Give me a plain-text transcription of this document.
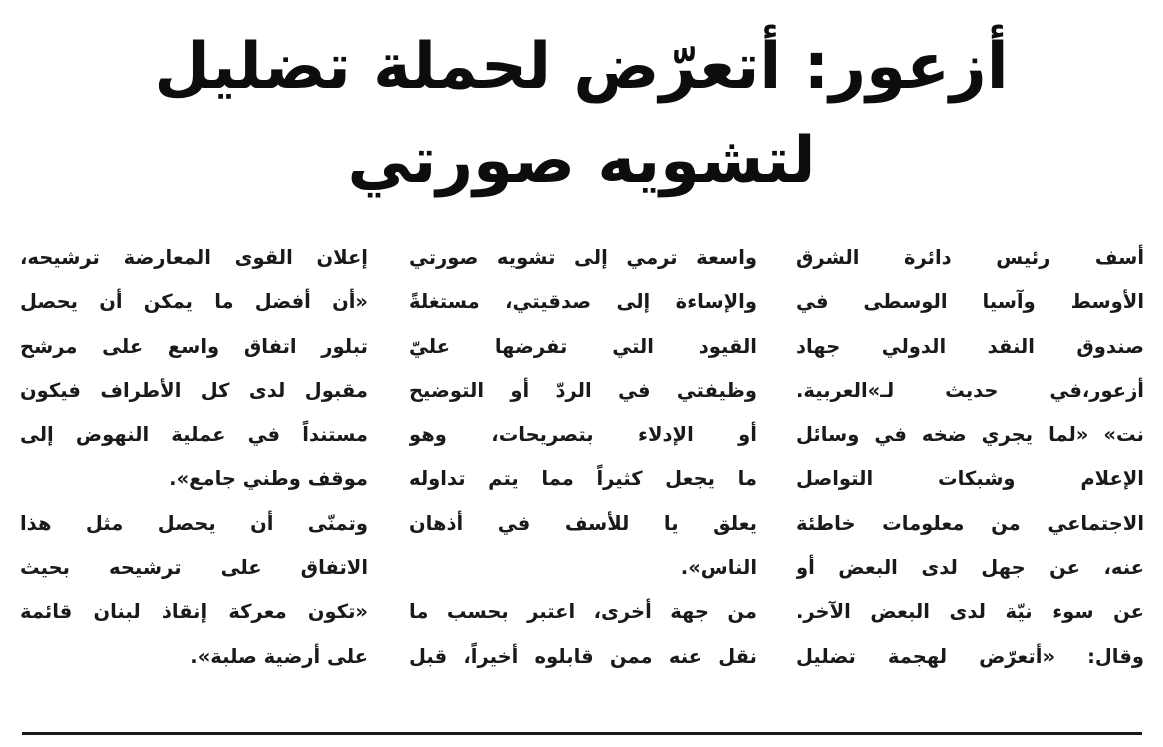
أزعور: أتعرّض لحملة تضليل
لتشويه صورتي
أسف رئيس دائرة الشرق
الأوسط وآسيا الوسطى في
صندوق النقد الدولي جهاد
أزعور،في حديث لـ»العربية.
نت» «لما يجري ضخه في وسائل
الإعلام وشبكات التواصل
الاجتماعي من معلومات خاطئة
عنه، عن جهل لدى البعض أو
عن سوء نيّة لدى البعض الآخر.
وقال: «أتعرّض لهجمة تضليل
واسعة ترمي إلى تشويه صورتي
والإساءة إلى صدقيتي، مستغلةً
القيود التي تفرضها عليّ
وظيفتي في الردّ أو التوضيح
أو الإدلاء بتصريحات، وهو
ما يجعل كثيراً مما يتم تداوله
يعلق يا للأسف في أذهان
الناس».
من جهة أخرى، اعتبر بحسب ما
نقل عنه ممن قابلوه أخيراً، قبل
إعلان القوى المعارضة ترشيحه،
«أن أفضل ما يمكن أن يحصل
تبلور اتفاق واسع على مرشح
مقبول لدى كل الأطراف فيكون
مستنداً في عملية النهوض إلى
موقف وطني جامع».
وتمنّى أن يحصل مثل هذا
الاتفاق على ترشيحه بحيث
«تكون معركة إنقاذ لبنان قائمة
على أرضية صلبة».
